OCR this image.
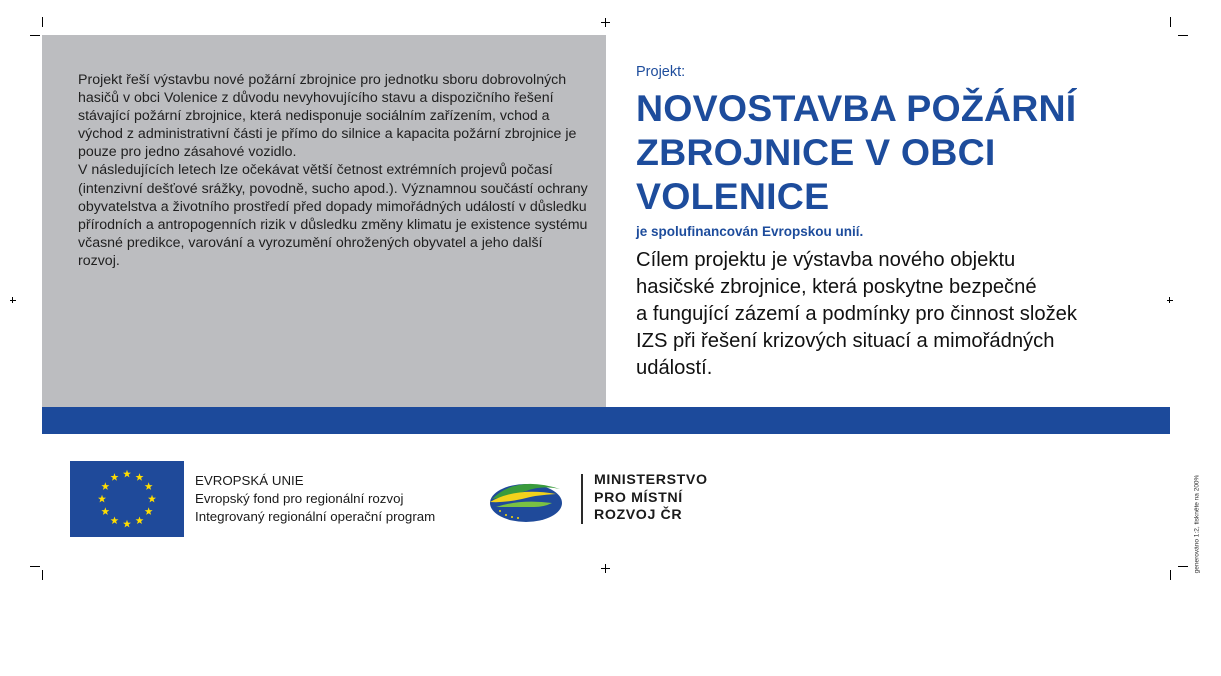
Projekt řeší výstavbu nové požární zbrojnice pro jednotku sboru dobrovolných hasičů v obci Volenice z důvodu nevyhovujícího stavu a dispozičního řešení stávající požární zbrojnice, která nedisponuje sociálním zařízením, vchod a východ z administrativní části je přímo do silnice a kapacita požární zbrojnice je pouze pro jedno zásahové vozidlo.

V následujících letech lze očekávat větší četnost extrémních projevů počasí (intenzivní dešťové srážky, povodně, sucho apod.). Významnou součástí ochrany obyvatelstva a životního prostředí před dopady mimořádných událostí v důsledku přírodních a antropogenních rizik v důsledku změny klimatu je existence systému včasné predikce, varování a vyrozumění ohrožených obyvatel a jeho další rozvoj.

Projekt:
NOVOSTAVBA POŽÁRNÍ
ZBROJNICE V OBCI
VOLENICE
je spolufinancován Evropskou unií.
Cílem projektu je výstavba nového objektu
hasičské zbrojnice, která poskytne bezpečné
a fungující zázemí a podmínky pro činnost složek
IZS při řešení krizových situací a mimořádných
událostí.
EVROPSKÁ UNIE
Evropský fond pro regionální rozvoj
Integrovaný regionální operační program
MINISTERSTVO
PRO MÍSTNÍ
ROZVOJ ČR	generováno 1:2, tiskněte na 200%
